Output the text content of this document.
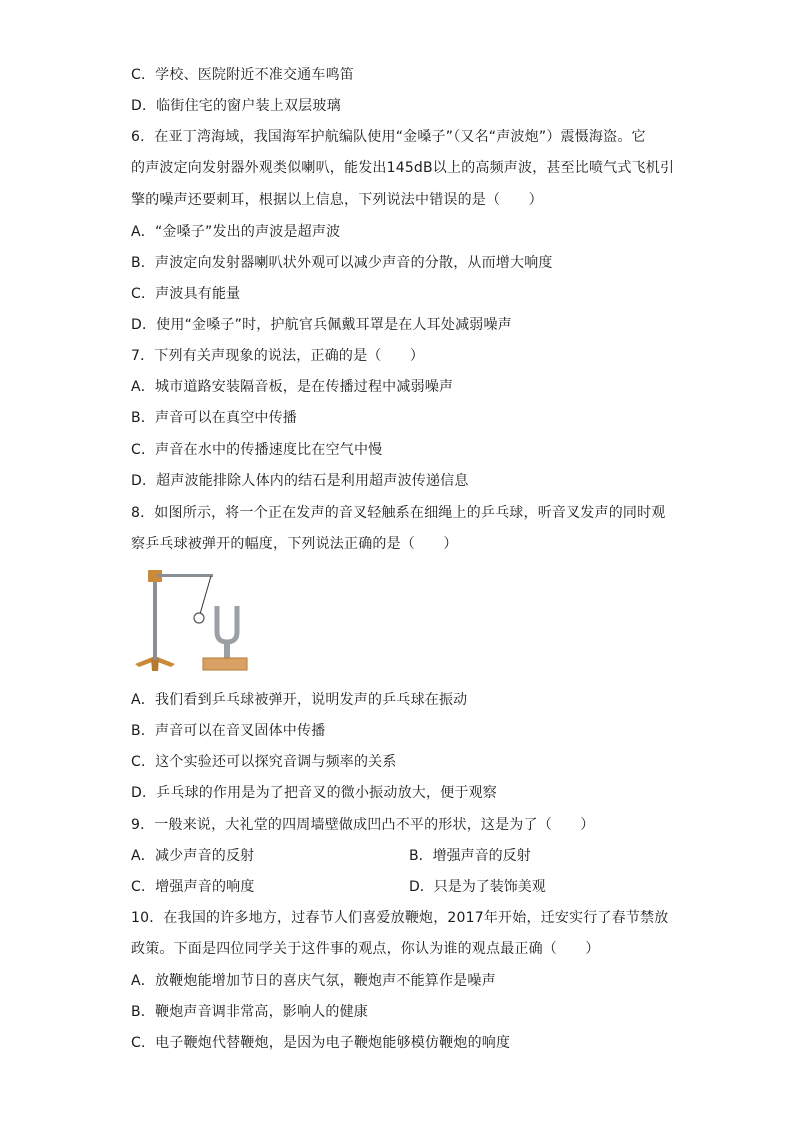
C．学校、医院附近不准交通车鸣笛
D．临街住宅的窗户装上双层玻璃
6．在亚丁湾海域，我国海军护航编队使用“金嗓子”（又名“声波炮”）震慑海盗。它
的声波定向发射器外观类似喇叭，能发出145dB以上的高频声波，甚至比喷气式飞机引
擎的噪声还要刺耳，根据以上信息，下列说法中错误的是（　　）
A．“金嗓子”发出的声波是超声波
B．声波定向发射器喇叭状外观可以减少声音的分散，从而增大响度
C．声波具有能量
D．使用“金嗓子”时，护航官兵佩戴耳罩是在人耳处减弱噪声
7．下列有关声现象的说法，正确的是（　　）
A．城市道路安装隔音板，是在传播过程中减弱噪声
B．声音可以在真空中传播
C．声音在水中的传播速度比在空气中慢
D．超声波能排除人体内的结石是利用超声波传递信息
8．如图所示，将一个正在发声的音叉轻触系在细绳上的乒乓球，听音叉发声的同时观
察乒乓球被弹开的幅度，下列说法正确的是（　　）
A．我们看到乒乓球被弹开，说明发声的乒乓球在振动
B．声音可以在音叉固体中传播
C．这个实验还可以探究音调与频率的关系
D．乒乓球的作用是为了把音叉的微小振动放大，便于观察
9．一般来说，大礼堂的四周墙壁做成凹凸不平的形状，这是为了（　　）
A．减少声音的反射	B．增强声音的反射
C．增强声音的响度	D．只是为了装饰美观
10．在我国的许多地方，过春节人们喜爱放鞭炮，2017年开始，迁安实行了春节禁放
政策。下面是四位同学关于这件事的观点，你认为谁的观点最正确（　　）
A．放鞭炮能增加节日的喜庆气氛，鞭炮声不能算作是噪声
B．鞭炮声音调非常高，影响人的健康
C．电子鞭炮代替鞭炮，是因为电子鞭炮能够模仿鞭炮的响度
